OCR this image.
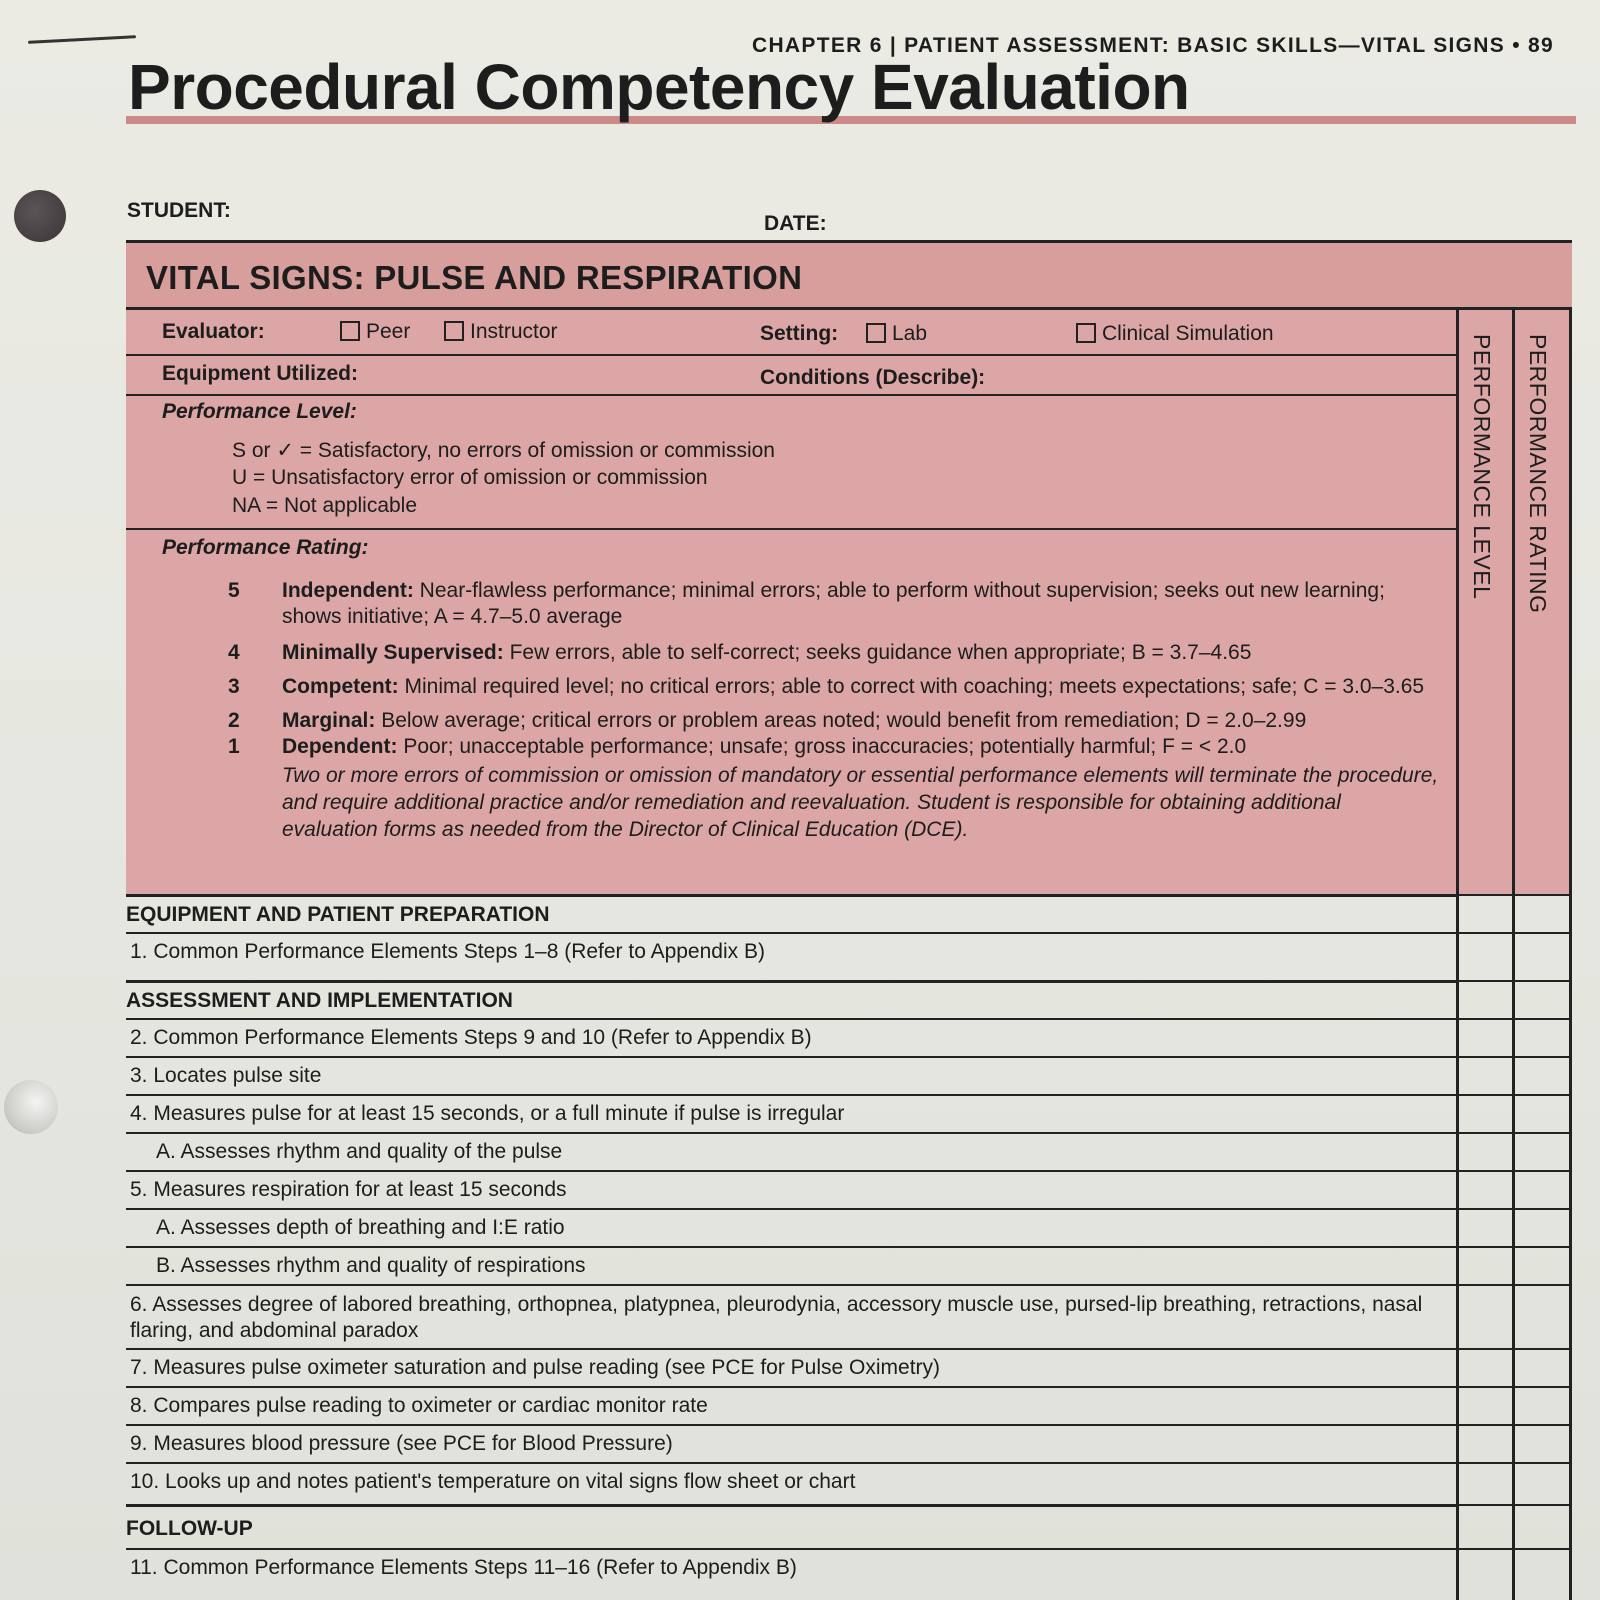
CHAPTER 6 | PATIENT ASSESSMENT: BASIC SKILLS—VITAL SIGNS • 89
Procedural Competency Evaluation
STUDENT:
DATE:
VITAL SIGNS: PULSE AND RESPIRATION
Evaluator:	Peer	Instructor	Setting:	Lab	Clinical Simulation
Equipment Utilized:	Conditions (Describe):
Performance Level:
S or ✓ = Satisfactory, no errors of omission or commission
U = Unsatisfactory error of omission or commission
NA = Not applicable
Performance Rating:
5 Independent: Near-flawless performance; minimal errors; able to perform without supervision; seeks out new learning; shows initiative; A = 4.7–5.0 average
4 Minimally Supervised: Few errors, able to self-correct; seeks guidance when appropriate; B = 3.7–4.65
3 Competent: Minimal required level; no critical errors; able to correct with coaching; meets expectations; safe; C = 3.0–3.65
2 Marginal: Below average; critical errors or problem areas noted; would benefit from remediation; D = 2.0–2.99
1 Dependent: Poor; unacceptable performance; unsafe; gross inaccuracies; potentially harmful; F = < 2.0
Two or more errors of commission or omission of mandatory or essential performance elements will terminate the procedure, and require additional practice and/or remediation and reevaluation. Student is responsible for obtaining additional evaluation forms as needed from the Director of Clinical Education (DCE).
PERFORMANCE LEVEL PERFORMANCE RATING
EQUIPMENT AND PATIENT PREPARATION
1. Common Performance Elements Steps 1–8 (Refer to Appendix B)
ASSESSMENT AND IMPLEMENTATION
2. Common Performance Elements Steps 9 and 10 (Refer to Appendix B)
3. Locates pulse site
4. Measures pulse for at least 15 seconds, or a full minute if pulse is irregular
A. Assesses rhythm and quality of the pulse
5. Measures respiration for at least 15 seconds
A. Assesses depth of breathing and I:E ratio
B. Assesses rhythm and quality of respirations
6. Assesses degree of labored breathing, orthopnea, platypnea, pleurodynia, accessory muscle use, pursed-lip breathing, retractions, nasal flaring, and abdominal paradox
7. Measures pulse oximeter saturation and pulse reading (see PCE for Pulse Oximetry)
8. Compares pulse reading to oximeter or cardiac monitor rate
9. Measures blood pressure (see PCE for Blood Pressure)
10. Looks up and notes patient's temperature on vital signs flow sheet or chart
FOLLOW-UP
11. Common Performance Elements Steps 11–16 (Refer to Appendix B)
